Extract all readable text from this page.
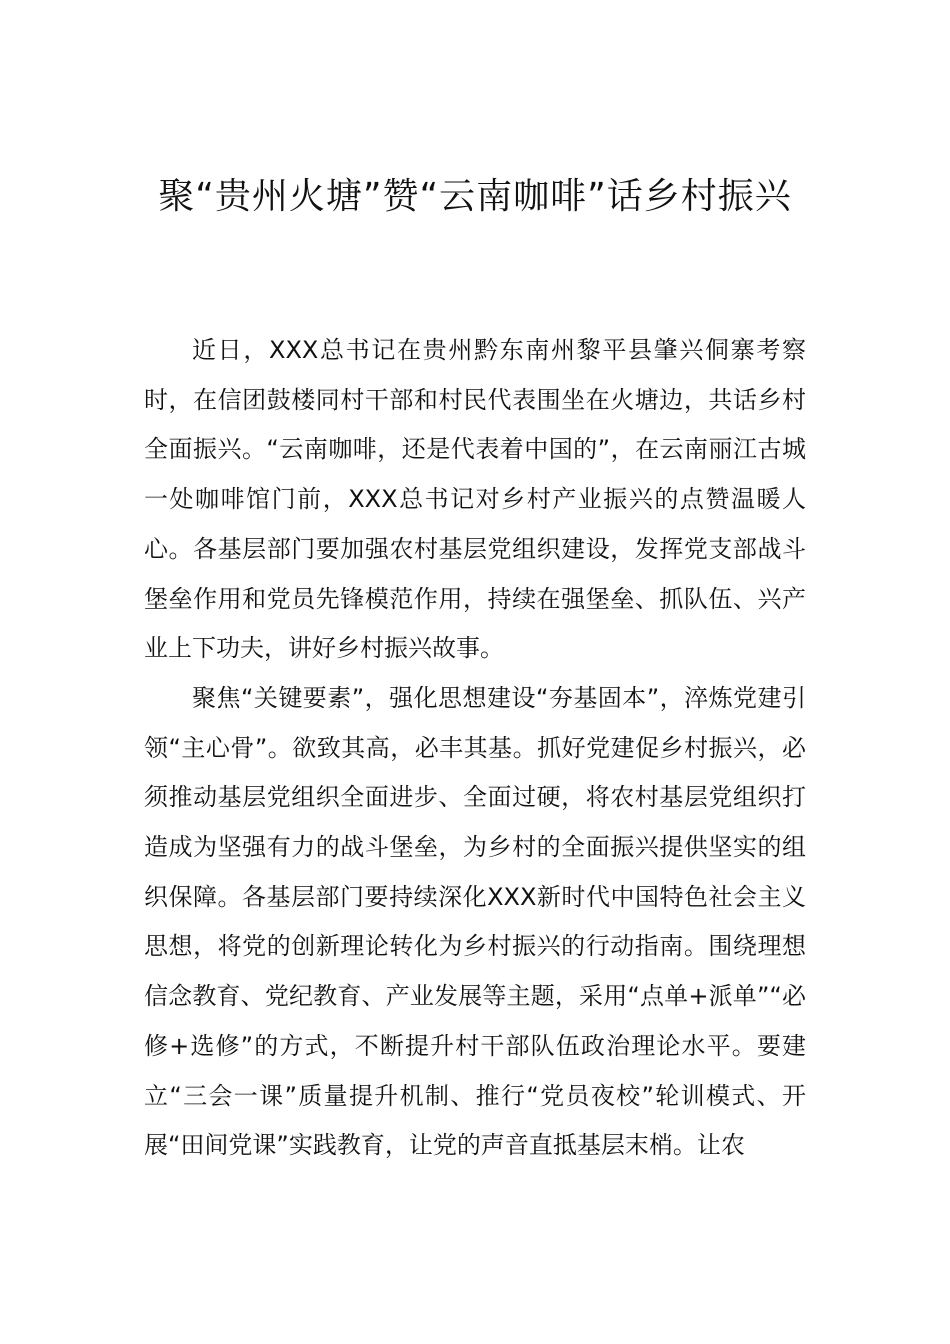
聚“贵州火塘”赞“云南咖啡”话乡村振兴

近日，XXX总书记在贵州黔东南州黎平县肇兴侗寨考察时，在信团鼓楼同村干部和村民代表围坐在火塘边，共话乡村全面振兴。“云南咖啡，还是代表着中国的”，在云南丽江古城一处咖啡馆门前，XXX总书记对乡村产业振兴的点赞温暖人心。各基层部门要加强农村基层党组织建设，发挥党支部战斗堡垒作用和党员先锋模范作用，持续在强堡垒、抓队伍、兴产业上下功夫，讲好乡村振兴故事。

聚焦“关键要素”，强化思想建设“夯基固本”，淬炼党建引领“主心骨”。欲致其高，必丰其基。抓好党建促乡村振兴，必须推动基层党组织全面进步、全面过硬，将农村基层党组织打造成为坚强有力的战斗堡垒，为乡村的全面振兴提供坚实的组织保障。各基层部门要持续深化XXX新时代中国特色社会主义思想，将党的创新理论转化为乡村振兴的行动指南。围绕理想信念教育、党纪教育、产业发展等主题，采用“点单+派单”“必修+选修”的方式，不断提升村干部队伍政治理论水平。要建立“三会一课”质量提升机制、推行“党员夜校”轮训模式、开展“田间党课”实践教育，让党的声音直抵基层末梢。让农
